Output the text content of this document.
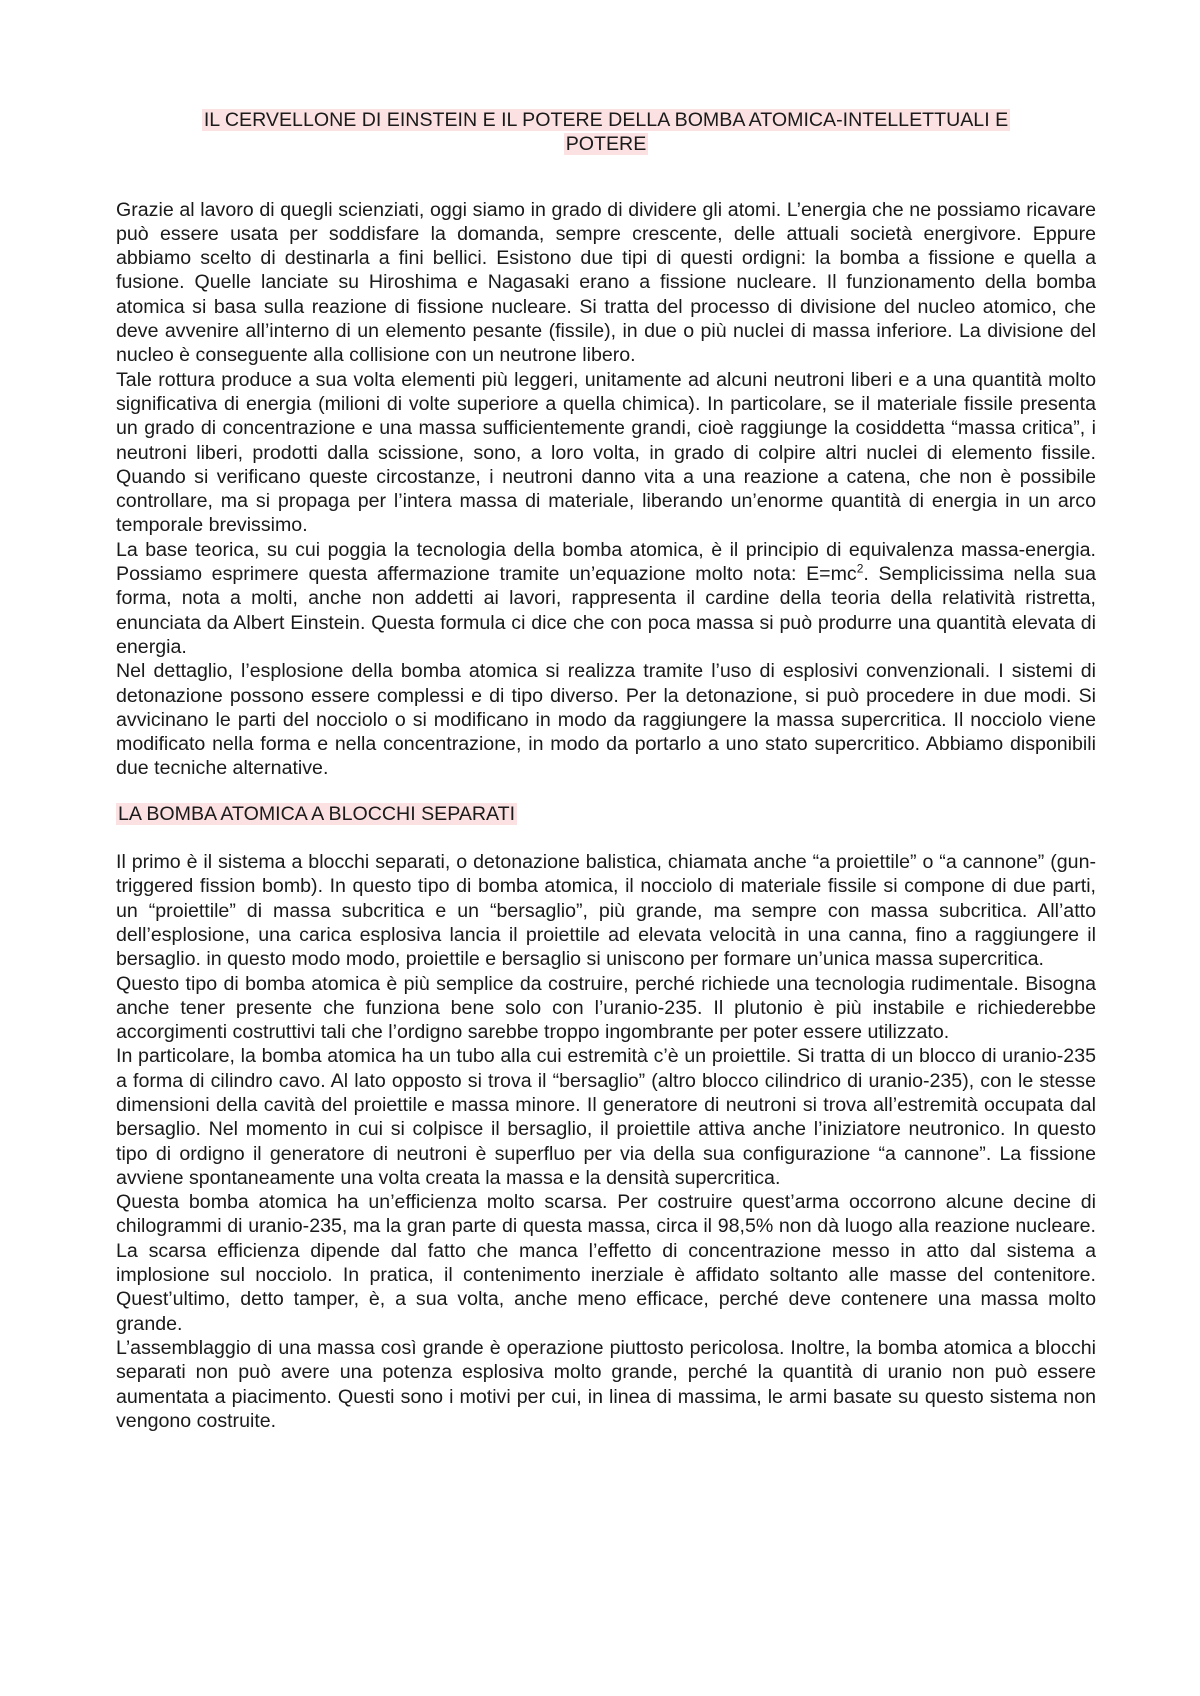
IL CERVELLONE DI EINSTEIN E IL POTERE DELLA BOMBA ATOMICA-INTELLETTUALI E

POTERE

Grazie al lavoro di quegli scienziati, oggi siamo in grado di dividere gli atomi. L’energia che ne possiamo ricavare può essere usata per soddisfare la domanda, sempre crescente, delle attuali società energivore. Eppure abbiamo scelto di destinarla a fini bellici. Esistono due tipi di questi ordigni: la bomba a fissione e quella a fusione. Quelle lanciate su Hiroshima e Nagasaki erano a fissione nucleare. Il funzionamento della bomba atomica si basa sulla reazione di fissione nucleare. Si tratta del processo di divisione del nucleo atomico, che deve avvenire all’interno di un elemento pesante (fissile), in due o più nuclei di massa inferiore. La divisione del nucleo è conseguente alla collisione con un neutrone libero.

Tale rottura produce a sua volta elementi più leggeri, unitamente ad alcuni neutroni liberi e a una quantità molto significativa di energia (milioni di volte superiore a quella chimica). In particolare, se il materiale fissile presenta un grado di concentrazione e una massa sufficientemente grandi, cioè raggiunge la cosiddetta “massa critica”, i neutroni liberi, prodotti dalla scissione, sono, a loro volta, in grado di colpire altri nuclei di elemento fissile. Quando si verificano queste circostanze, i neutroni danno vita a una reazione a catena, che non è possibile controllare, ma si propaga per l’intera massa di materiale, liberando un’enorme quantità di energia in un arco temporale brevissimo.

La base teorica, su cui poggia la tecnologia della bomba atomica, è il principio di equivalenza massa-energia. Possiamo esprimere questa affermazione tramite un’equazione molto nota: $E=mc^2$. Semplicissima nella sua forma, nota a molti, anche non addetti ai lavori, rappresenta il cardine della teoria della relatività ristretta, enunciata da Albert Einstein. Questa formula ci dice che con poca massa si può produrre una quantità elevata di energia.

Nel dettaglio, l’esplosione della bomba atomica si realizza tramite l’uso di esplosivi convenzionali. I sistemi di detonazione possono essere complessi e di tipo diverso. Per la detonazione, si può procedere in due modi. Si avvicinano le parti del nocciolo o si modificano in modo da raggiungere la massa supercritica. Il nocciolo viene modificato nella forma e nella concentrazione, in modo da portarlo a uno stato supercritico. Abbiamo disponibili due tecniche alternative.

LA BOMBA ATOMICA A BLOCCHI SEPARATI

Il primo è il sistema a blocchi separati, o detonazione balistica, chiamata anche “a proiettile” o “a cannone” (gun-triggered fission bomb). In questo tipo di bomba atomica, il nocciolo di materiale fissile si compone di due parti, un “proiettile” di massa subcritica e un “bersaglio”, più grande, ma sempre con massa subcritica. All’atto dell’esplosione, una carica esplosiva lancia il proiettile ad elevata velocità in una canna, fino a raggiungere il bersaglio. in questo modo modo, proiettile e bersaglio si uniscono per formare un’unica massa supercritica.

Questo tipo di bomba atomica è più semplice da costruire, perché richiede una tecnologia rudimentale. Bisogna anche tener presente che funziona bene solo con l’uranio-235. Il plutonio è più instabile e richiederebbe accorgimenti costruttivi tali che l’ordigno sarebbe troppo ingombrante per poter essere utilizzato.

In particolare, la bomba atomica ha un tubo alla cui estremità c’è un proiettile. Si tratta di un blocco di uranio-235 a forma di cilindro cavo. Al lato opposto si trova il “bersaglio” (altro blocco cilindrico di uranio-235), con le stesse dimensioni della cavità del proiettile e massa minore. Il generatore di neutroni si trova all’estremità occupata dal bersaglio. Nel momento in cui si colpisce il bersaglio, il proiettile attiva anche l’iniziatore neutronico. In questo tipo di ordigno il generatore di neutroni è superfluo per via della sua configurazione “a cannone”. La fissione avviene spontaneamente una volta creata la massa e la densità supercritica.

Questa bomba atomica ha un’efficienza molto scarsa. Per costruire quest’arma occorrono alcune decine di chilogrammi di uranio-235, ma la gran parte di questa massa, circa il 98,5% non dà luogo alla reazione nucleare. La scarsa efficienza dipende dal fatto che manca l’effetto di concentrazione messo in atto dal sistema a implosione sul nocciolo. In pratica, il contenimento inerziale è affidato soltanto alle masse del contenitore. Quest’ultimo, detto tamper, è, a sua volta, anche meno efficace, perché deve contenere una massa molto grande.

L’assemblaggio di una massa così grande è operazione piuttosto pericolosa. Inoltre, la bomba atomica a blocchi separati non può avere una potenza esplosiva molto grande, perché la quantità di uranio non può essere aumentata a piacimento. Questi sono i motivi per cui, in linea di massima, le armi basate su questo sistema non vengono costruite.
